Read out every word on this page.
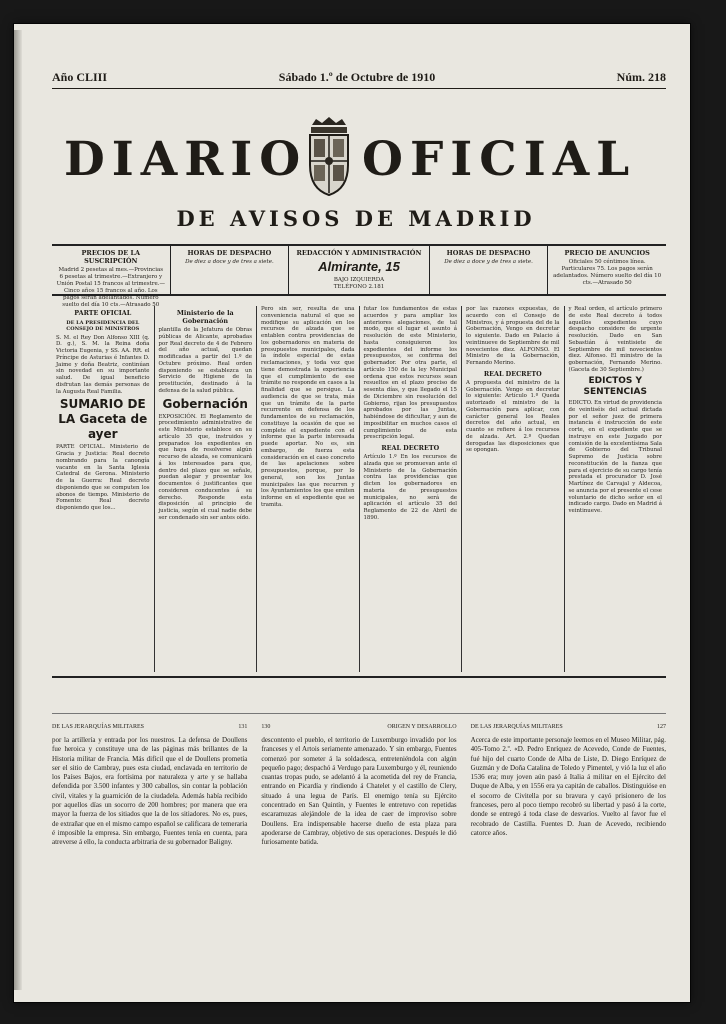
Año CLIII	Sábado 1.º de Octubre de 1910	Núm. 218
DIARIO OFICIAL
DE AVISOS DE MADRID
PRECIOS DE LA SUSCRIPCIÓN
Madrid 2 pesetas al mes.—Provincias 6 pesetas al trimestre.—Extranjero y Unión Postal 15 francos al trimestre.—Cinco años 15 francos al año. Los pagos serán adelantados. Número suelto del día 10 cts.—Atrasado 50
HORAS DE DESPACHO
De diez a doce y de tres a siete.
REDACCIÓN Y ADMINISTRACIÓN
Almirante, 15
BAJO IZQUIERDA
TELÉFONO 2.181
HORAS DE DESPACHO
De diez a doce y de tres a siete.
PRECIO DE ANUNCIOS
Oficiales 50 céntimos línea. Particulares 75. Los pagos serán adelantados. Número suelto del día 10 cts.—Atrasado 50
PARTE OFICIAL
DE LA PRESIDENCIA DEL CONSEJO DE MINISTROS

S. M. el Rey Don Alfonso XIII (q. D. g.), S. M. la Reina doña Victoria Eugenia, y SS. AA. RR. el Príncipe de Asturias é Infantes D. Jaime y doña Beatriz, continúan sin novedad en su importante salud. De igual beneficio disfrutan las demás personas de la Augusta Real Familia.

SUMARIO DE LA Gaceta de ayer

PARTE OFICIAL. Ministerio de Gracia y Justicia: Real decreto nombrando para la canongía vacante en la Santa Iglesia Catedral de Gerona. Ministerio de la Guerra: Real decreto disponiendo que se computen los abonos de tiempo. Ministerio de Fomento: Real decreto disponiendo que los...

Ministerio de la Gobernación

plantilla de la Jefatura de Obras públicas de Alicante, aprobadas por Real decreto de 4 de Febrero del año actual, quedan modificadas a partir del 1.º de Octubre próximo. Real orden disponiendo se establezca un Servicio de Higiene de la prostitución, destinado á la defensa de la salud pública.

Gobernación

EXPOSICIÓN. El Reglamento de procedimiento administrativo de este Ministerio establece en su artículo 35 que, instruidos y preparados los expedientes en que haya de resolverse algún recurso de alzada, se comunicará á los interesados para que, dentro del plazo que se señale, puedan alegar y presentar los documentos ó justificantes que consideren conducentes á su derecho. Responde esta disposición al principio de justicia, según el cual nadie debe ser condenado sin ser antes oído.

Pero sin ser, resulta de una conveniencia natural el que se modifique su aplicación en los recursos de alzada que se entablen contra providencias de los gobernadores en materia de presupuestos municipales, dada la índole especial de estas reclamaciones, y toda vez que tiene demostrada la experiencia que el cumplimiento de ese trámite no responde en casos a la finalidad que se persigue. La audiencia de que se trata, más que un trámite de la parte recurrente en defensa de los fundamentos de su reclamación, constituye la ocasión de que se complete el expediente con el informe que la parte interesada puede aportar. No es, sin embargo, de fuerza esta consideración en el caso concreto de las apelaciones sobre presupuestos, porque, por lo general, son los Juntas municipales las que recurren y los Ayuntamientos los que emiten informe en el expediente que se tramita.

futar los fundamentos de estas acuerdos y para ampliar los anteriores alegaciones, de tal modo, que el lugar el asunto á resolución de este Ministerio, hasta consiguieron los expedientes del informe los presupuestos, se confirma del gobernador. Por otra parte, el artículo 150 de la ley Municipal ordena que estos recursos sean resueltos en el plazo preciso de sesenta días, y que llegado el 15 de Diciembre sin resolución del Gobierno, rijan los presupuestos aprobados por las Juntas, habiéndose de dificultar, y aun de imposibilitar en muchos casos el cumplimiento de esta prescripción legal.

REAL DECRETO

Artículo 1.º En los recursos de alzada que se promuevan ante el Ministerio de la Gobernación contra las providencias que dicten los gobernadores en materia de presupuestos municipales, no será de aplicación el artículo 35 del Reglamento de 22 de Abril de 1890.

por las razones expuestas, de acuerdo con el Consejo de Ministros, y á propuesta del de la Gobernación, Vengo en decretar lo siguiente. Dado en Palacio á veintinueve de Septiembre de mil novecientos diez. ALFONSO. El Ministro de la Gobernación, Fernando Merino.

REAL DECRETO

A propuesta del ministro de la Gobernación. Vengo en decretar lo siguiente: Artículo 1.º Queda autorizado el ministro de la Gobernación para aplicar, con carácter general los Reales decretos del año actual, en cuanto se refiere á los recursos de alzada. Art. 2.º Quedan derogadas las disposiciones que se opongan.

y Real orden, el artículo primero de este Real decreto á todos aquellos expedientes cuyo despacho considere de urgente resolución. Dado en San Sebastián á veintisiete de Septiembre de mil novecientos diez. Alfonso. El ministro de la gobernación, Fernando Merino. (Gaceta de 30 Septiembre.)

EDICTOS Y SENTENCIAS

EDICTO. En virtud de providencia de veintiséis del actual dictada por el señor juez de primera instancia é instrucción de este corte, en el expediente que se instruye en este Juzgado por comisión de la excelentísima Sala de Gobierno del Tribunal Supremo de Justicia sobre reconstitución de la fianza que para el ejercicio de su cargo tenía prestada el procurador D. José Martínez de Carvajal y Aldecoa, se anuncia por el presente el cese voluntario de dicho señor en el indicado cargo. Dado en Madrid á veintinueve.

DE LAS JERARQUÍAS MILITARES	131

por la artillería y entrada por los nuestros. La defensa de Doullens fue heroica y constituye una de las páginas más brillantes de la Historia militar de Francia. Más difícil que el de Doullens prometía ser el sitio de Cambray, pues esta ciudad, enclavada en territorio de los Países Bajos, era fortísima por naturaleza y arte y se hallaba defendida por 3.500 infantes y 300 caballos, sin contar la población civil, vitales y la guarnición de la ciudadela. Además había recibido por aquellos días un socorro de 200 hombres; por manera que era mayor la fuerza de los sitiados que la de los sitiadores. No es, pues, de extrañar que en el mismo campo español se calificara de temeraria é imposible la empresa. Sin embargo, Fuentes tenía en cuenta, para atreverse á ello, la conducta arbitraria de su gobernador Baligny.

130	ORIGEN Y DESARROLLO

descontento el pueblo, el territorio de Luxemburgo invadido por los franceses y el Artois seriamente amenazado. Y sin embargo, Fuentes comenzó por someter á la soldadesca, entreteniéndola con algún pequeño pago; despachó á Verdugo para Luxemburgo y él, reuniendo cuantas tropas pudo, se adelantó á la acometida del rey de Francia, entrando en Picardía y rindiendo á Chatelet y el castillo de Clery, situado á una legua de París. El enemigo tenía su Ejército concentrado en San Quintín, y Fuentes le entretuvo con repetidas escaramuzas alejándole de la idea de caer de improviso sobre Doullens. Era indispensable hacerse dueño de esta plaza para apoderarse de Cambray, objetivo de sus operaciones. Después le dió furiosamente batida.

DE LAS JERARQUÍAS MILITARES	127

Acerca de este importante personaje leemos en el Museo Militar, pág. 405-Tomo 2.º. «D. Pedro Enríquez de Acevedo, Conde de Fuentes, fué hijo del cuarto Conde de Alba de Liste, D. Diego Enríquez de Guzmán y de Doña Catalina de Toledo y Pimentel, y vió la luz el año 1536 era; muy joven aún pasó á Italia á militar en el Ejército del Duque de Alba, y en 1556 era ya capitán de caballos. Distinguióse en el socorro de Civitella por su bravura y cayó prisionero de los franceses, pero al poco tiempo recobró su libertad y pasó á la corte, donde se entregó á toda clase de desvaríos. Vuelto al favor fue el recobrado de Castilla. Fuentes D. Juan de Acevedo, recibiendo catorce años.
